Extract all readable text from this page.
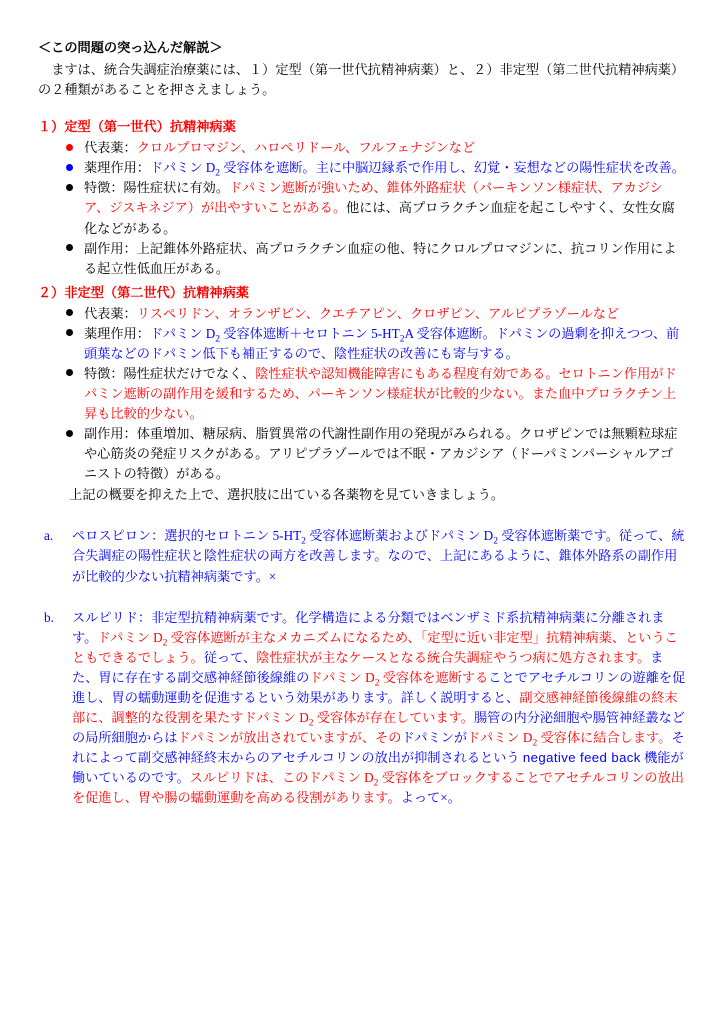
＜この問題の突っ込んだ解説＞
ますは、統合失調症治療薬には、１）定型（第一世代抗精神病薬）と、２）非定型（第二世代抗精神病薬）の２種類があることを押さえましょう。
１）定型（第一世代）抗精神病薬
代表薬：クロルプロマジン、ハロペリドール、フルフェナジンなど
薬理作用：ドパミン $D_2$ 受容体を遮断。主に中脳辺縁系で作用し、幻覚・妄想などの陽性症状を改善。
特徴：陽性症状に有効。ドパミン遮断が強いため、錐体外路症状（パーキンソン様症状、アカジシア、ジスキネジア）が出やすいことがある。他には、高プロラクチン血症を起こしやすく、女性女腐化などがある。
副作用：上記錐体外路症状、高プロラクチン血症の他、特にクロルプロマジンに、抗コリン作用による起立性低血圧がある。
２）非定型（第二世代）抗精神病薬
代表薬：リスペリドン、オランザピン、クエチアピン、クロザピン、アルピプラゾールなど
薬理作用：ドパミン $D_2$ 受容体遮断＋セロトニン $5-HT_2A$ 受容体遮断。ドパミンの過剰を抑えつつ、前頭葉などのドパミン低下も補正するので、陰性症状の改善にも寄与する。
特徴：陽性症状だけでなく、陰性症状や認知機能障害にもある程度有効である。セロトニン作用がドパミン遮断の副作用を緩和するため、パーキンソン様症状が比較的少ない。また血中プロラクチン上昇も比較的少ない。
副作用：体重増加、糖尿病、脂質異常の代謝性副作用の発現がみられる。クロザピンでは無顆粒球症や心筋炎の発症リスクがある。アリピプラゾールでは不眠・アカジシア（ドーパミンパーシャルアゴニストの特徴）がある。
上記の概要を抑えた上で、選択肢に出ている各薬物を見ていきましょう。
a. ペロスピロン：選択的セロトニン $5-HT_2$ 受容体遮断薬およびドパミン $D_2$ 受容体遮断薬です。従って、統合失調症の陽性症状と陰性症状の両方を改善します。なので、上記にあるように、錐体外路系の副作用が比較的少ない抗精神病薬です。×
b. スルピリド：非定型抗精神病薬です。化学構造による分類ではベンザミド系抗精神病薬に分離されます。ドパミン $D_2$ 受容体遮断が主なメカニズムになるため、「定型に近い非定型」抗精神病薬、ということもできるでしょう。従って、陰性症状が主なケースとなる統合失調症やうつ病に処方されます。また、胃に存在する副交感神経節後線維のドパミン $D_2$ 受容体を遮断することでアセチルコリンの遊離を促進し、胃の蠕動運動を促進するという効果があります。詳しく説明すると、副交感神経節後線維の終末部に、調整的な役割を果たすドパミン $D_2$ 受容体が存在しています。腸管の内分泌細胞や腸管神経叢などの局所細胞からはドパミンが放出されていますが、そのドパミンがドパミン $D_2$ 受容体に結合します。それによって副交感神経終末からのアセチルコリンの放出が抑制されるという negative feed back 機能が働いているのです。スルピリドは、このドパミン $D_2$ 受容体をブロックすることでアセチルコリンの放出を促進し、胃や腸の蠕動運動を高める役割があります。よって×。
